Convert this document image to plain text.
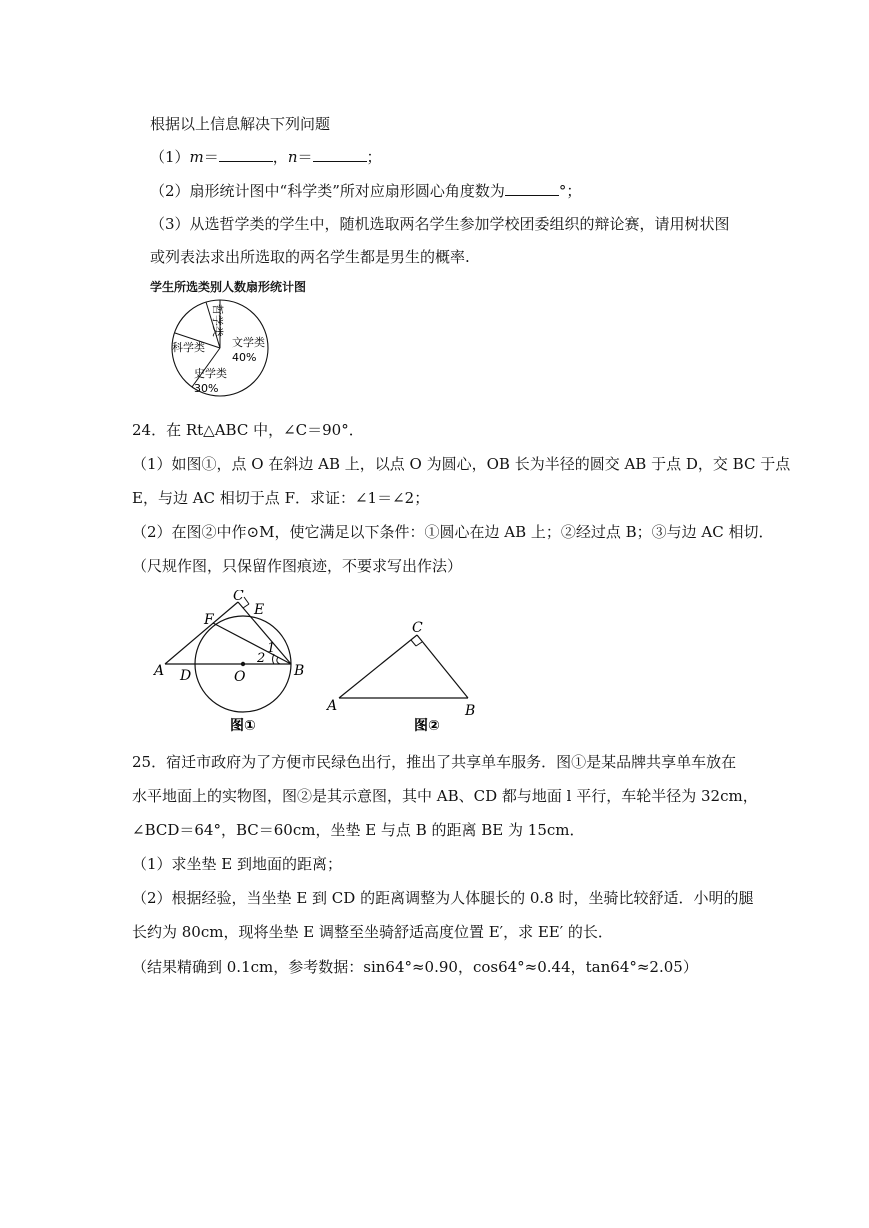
根据以上信息解决下列问题
（1）m＝	，n＝	；
（2）扇形统计图中“科学类”所对应扇形圆心角度数为	°；
（3）从选哲学类的学生中，随机选取两名学生参加学校团委组织的辩论赛，请用树状图
或列表法求出所选取的两名学生都是男生的概率.
学生所选类别人数扇形统计图
哲学类
科学类 文学类
40%
史学类
30%
24．在 Rt△ABC 中，∠C＝90°．
（1）如图①，点 O 在斜边 AB 上，以点 O 为圆心，OB 长为半径的圆交 AB 于点 D，交 BC 于点
E，与边 AC 相切于点 F．求证：∠1＝∠2；
（2）在图②中作⊙M，使它满足以下条件：①圆心在边 AB 上；②经过点 B；③与边 AC 相切．
（尺规作图，只保留作图痕迹，不要求写出作法）
A	B
C
D
E
F
O
1
2
图①
A	B
C
图②
25．宿迁市政府为了方便市民绿色出行，推出了共享单车服务．图①是某品牌共享单车放在
水平地面上的实物图，图②是其示意图，其中 AB、CD 都与地面 l 平行，车轮半径为 32cm，
∠BCD＝64°，BC＝60cm，坐垫 E 与点 B 的距离 BE 为 15cm．
（1）求坐垫 E 到地面的距离；
（2）根据经验，当坐垫 E 到 CD 的距离调整为人体腿长的 0.8 时，坐骑比较舒适．小明的腿
长约为 80cm，现将坐垫 E 调整至坐骑舒适高度位置 E′，求 EE′ 的长．
（结果精确到 0.1cm，参考数据：sin64°≈0.90，cos64°≈0.44，tan64°≈2.05）
